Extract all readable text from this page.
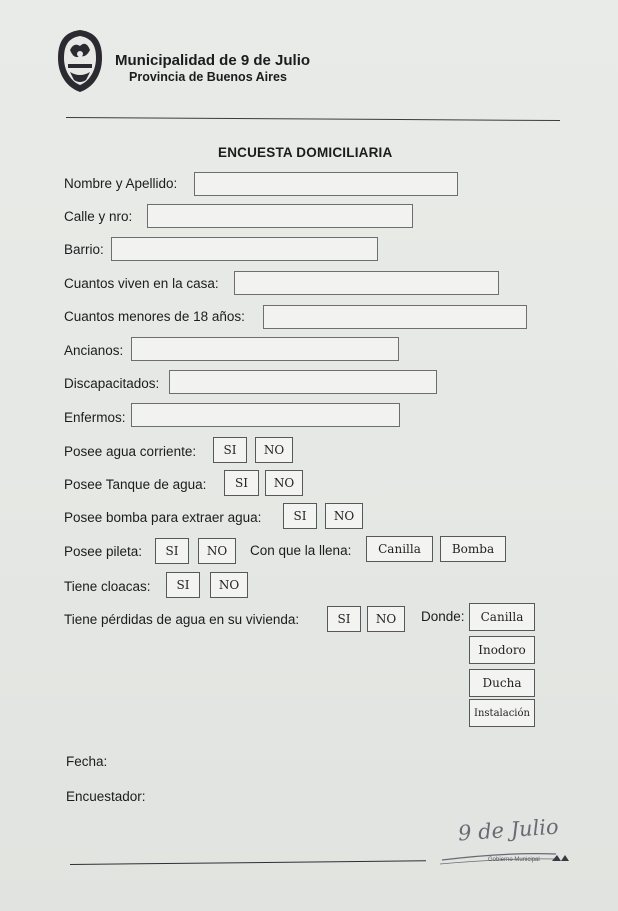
Municipalidad de 9 de Julio
Provincia de Buenos Aires
ENCUESTA DOMICILIARIA
Nombre y Apellido:
Calle y nro:
Barrio:
Cuantos viven en la casa:
Cuantos menores de 18 años:
Ancianos:
Discapacitados:
Enfermos:
Posee agua corriente:	SI	NO
Posee Tanque de agua:	SI	NO
Posee bomba para extraer agua:	SI	NO
Posee pileta:	SI	NO	Con que la llena:	Canilla	Bomba
Tiene cloacas:	SI	NO
Tiene pérdidas de agua en su vivienda:	SI	NO	Donde:	Canilla
Inodoro
Ducha
Instalación
Fecha:
Encuestador:
9 de Julio
Gobierno Municipal
